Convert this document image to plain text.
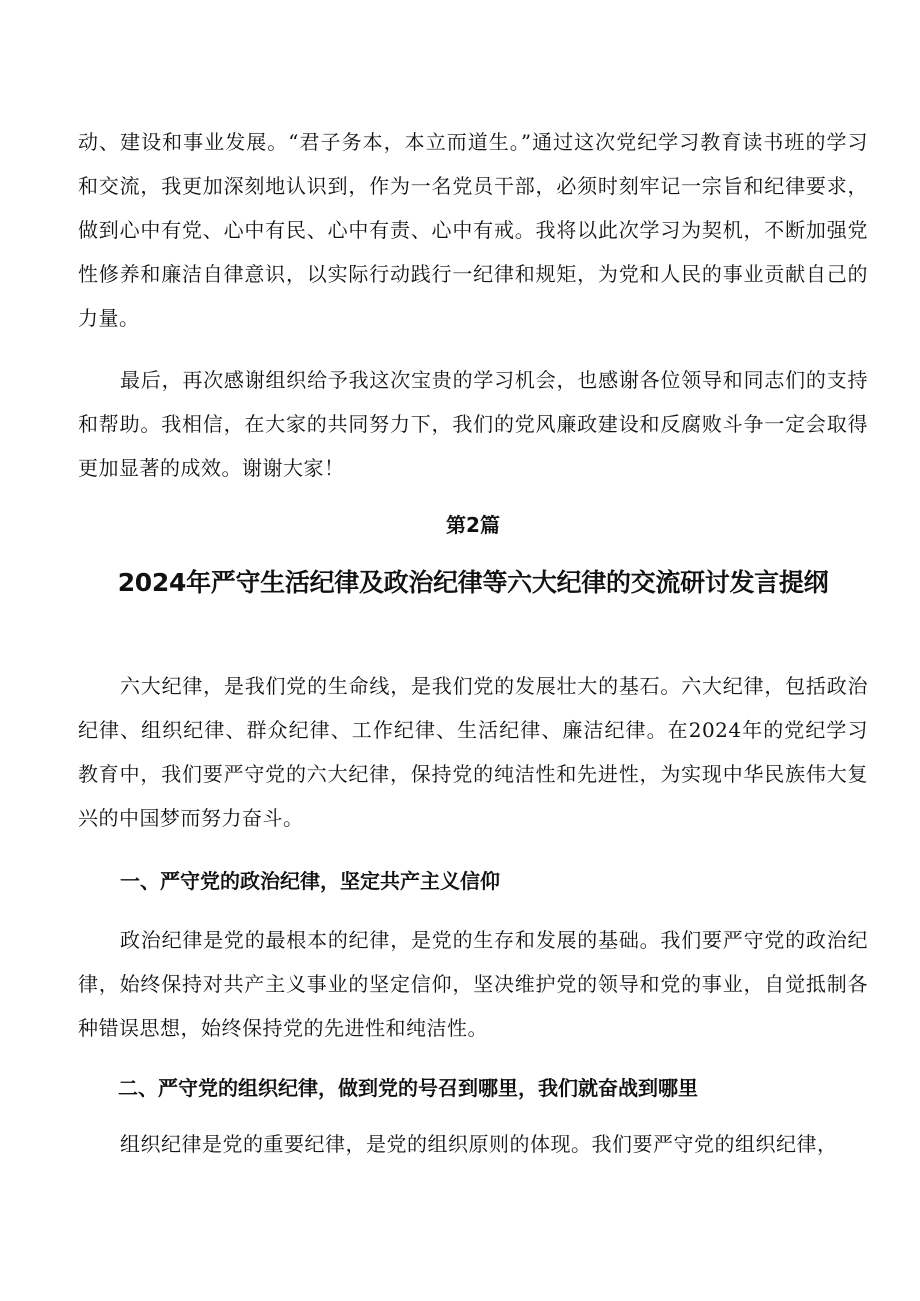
动、建设和事业发展。“君子务本，本立而道生。”通过这次党纪学习教育读书班的学习和交流，我更加深刻地认识到，作为一名党员干部，必须时刻牢记一宗旨和纪律要求，做到心中有党、心中有民、心中有责、心中有戒。我将以此次学习为契机，不断加强党性修养和廉洁自律意识，以实际行动践行一纪律和规矩，为党和人民的事业贡献自己的力量。

最后，再次感谢组织给予我这次宝贵的学习机会，也感谢各位领导和同志们的支持和帮助。我相信，在大家的共同努力下，我们的党风廉政建设和反腐败斗争一定会取得更加显著的成效。谢谢大家！

第2篇
2024年严守生活纪律及政治纪律等六大纪律的交流研讨发言提纲

六大纪律，是我们党的生命线，是我们党的发展壮大的基石。六大纪律，包括政治纪律、组织纪律、群众纪律、工作纪律、生活纪律、廉洁纪律。在2024年的党纪学习教育中，我们要严守党的六大纪律，保持党的纯洁性和先进性，为实现中华民族伟大复兴的中国梦而努力奋斗。

一、严守党的政治纪律，坚定共产主义信仰

政治纪律是党的最根本的纪律，是党的生存和发展的基础。我们要严守党的政治纪律，始终保持对共产主义事业的坚定信仰，坚决维护党的领导和党的事业，自觉抵制各种错误思想，始终保持党的先进性和纯洁性。

二、严守党的组织纪律，做到党的号召到哪里，我们就奋战到哪里

组织纪律是党的重要纪律，是党的组织原则的体现。我们要严守党的组织纪律，
